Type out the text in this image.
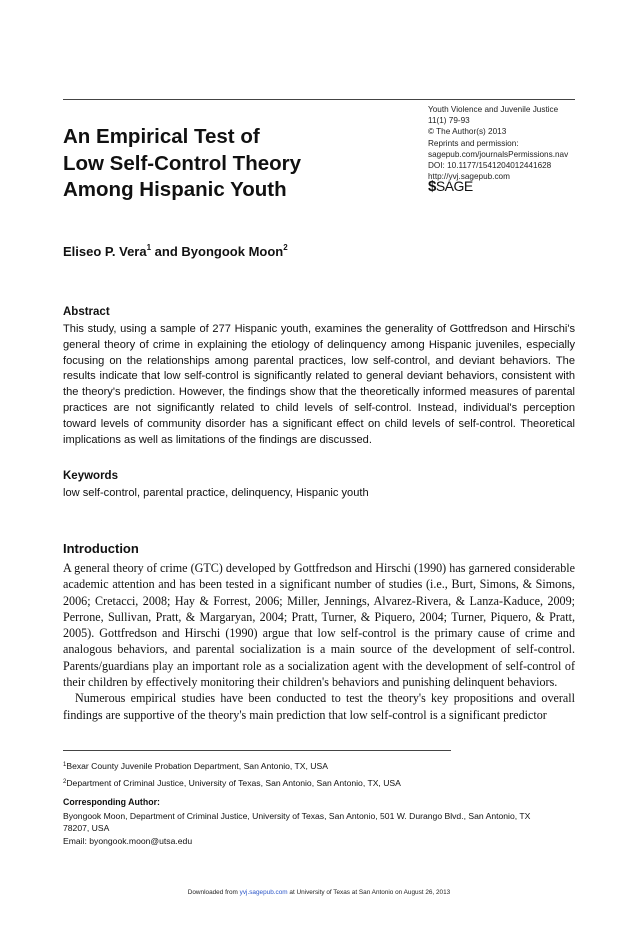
Youth Violence and Juvenile Justice
11(1) 79-93
© The Author(s) 2013
Reprints and permission:
sagepub.com/journalsPermissions.nav
DOI: 10.1177/1541204012441628
http://yvj.sagepub.com
$SAGE
An Empirical Test of
Low Self-Control Theory
Among Hispanic Youth
Eliseo P. Vera$^1$ and Byongook Moon$^2$
Abstract
This study, using a sample of 277 Hispanic youth, examines the generality of Gottfredson and Hirschi's general theory of crime in explaining the etiology of delinquency among Hispanic juveniles, especially focusing on the relationships among parental practices, low self-control, and deviant behaviors. The results indicate that low self-control is significantly related to general deviant behaviors, consistent with the theory's prediction. However, the findings show that the theoretically informed measures of parental practices are not significantly related to child levels of self-control. Instead, individual's perception toward levels of community disorder has a significant effect on child levels of self-control. Theoretical implications as well as limitations of the findings are discussed.
Keywords
low self-control, parental practice, delinquency, Hispanic youth
Introduction

A general theory of crime (GTC) developed by Gottfredson and Hirschi (1990) has garnered considerable academic attention and has been tested in a significant number of studies (i.e., Burt, Simons, & Simons, 2006; Cretacci, 2008; Hay & Forrest, 2006; Miller, Jennings, Alvarez-Rivera, & Lanza-Kaduce, 2009; Perrone, Sullivan, Pratt, & Margaryan, 2004; Pratt, Turner, & Piquero, 2004; Turner, Piquero, & Pratt, 2005). Gottfredson and Hirschi (1990) argue that low self-control is the primary cause of crime and analogous behaviors, and parental socialization is a main source of the development of self-control. Parents/guardians play an important role as a socialization agent with the development of self-control of their children by effectively monitoring their children's behaviors and punishing delinquent behaviors.

Numerous empirical studies have been conducted to test the theory's key propositions and overall findings are supportive of the theory's main prediction that low self-control is a significant predictor

$^1$Bexar County Juvenile Probation Department, San Antonio, TX, USA
$^2$Department of Criminal Justice, University of Texas, San Antonio, San Antonio, TX, USA
Corresponding Author:
Byongook Moon, Department of Criminal Justice, University of Texas, San Antonio, 501 W. Durango Blvd., San Antonio, TX
78207, USA
Email: byongook.moon@utsa.edu
Downloaded from yvj.sagepub.com at University of Texas at San Antonio on August 26, 2013
